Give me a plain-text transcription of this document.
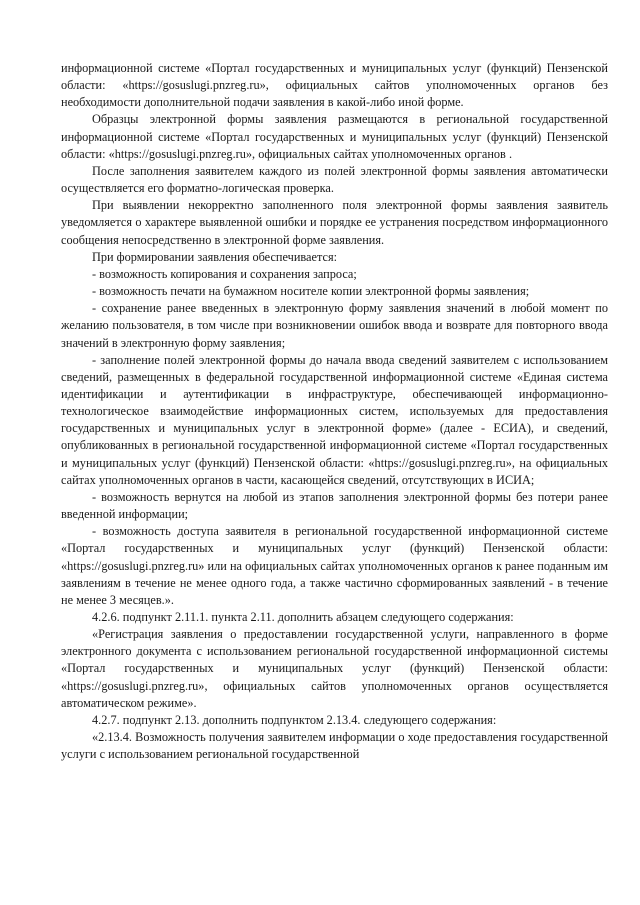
информационной системе «Портал государственных и муниципальных услуг (функций) Пензенской области: «https://gosuslugi.pnzreg.ru», официальных сайтов уполномоченных органов без необходимости дополнительной подачи заявления в какой-либо иной форме.

Образцы электронной формы заявления размещаются в региональной государственной информационной системе «Портал государственных и муниципальных услуг (функций) Пензенской области: «https://gosuslugi.pnzreg.ru», официальных сайтах уполномоченных органов .

После заполнения заявителем каждого из полей электронной формы заявления автоматически осуществляется его форматно-логическая проверка.

При выявлении некорректно заполненного поля электронной формы заявления заявитель уведомляется о характере выявленной ошибки и порядке ее устранения посредством информационного сообщения непосредственно в электронной форме заявления.

При формировании заявления обеспечивается:

- возможность копирования и сохранения запроса;

- возможность печати на бумажном носителе копии электронной формы заявления;

- сохранение ранее введенных в электронную форму заявления значений в любой момент по желанию пользователя, в том числе при возникновении ошибок ввода и возврате для повторного ввода значений в электронную форму заявления;

- заполнение полей электронной формы до начала ввода сведений заявителем с использованием сведений, размещенных в федеральной государственной информационной системе «Единая система идентификации и аутентификации в инфраструктуре, обеспечивающей информационно-технологическое взаимодействие информационных систем, используемых для предоставления государственных и муниципальных услуг в электронной форме» (далее - ЕСИА), и сведений, опубликованных в региональной государственной информационной системе «Портал государственных и муниципальных услуг (функций) Пензенской области: «https://gosuslugi.pnzreg.ru», на официальных сайтах уполномоченных органов в части, касающейся сведений, отсутствующих в ИСИА;

- возможность вернутся на любой из этапов заполнения электронной формы без потери ранее введенной информации;

- возможность доступа заявителя в региональной государственной информационной системе «Портал государственных и муниципальных услуг (функций) Пензенской области: «https://gosuslugi.pnzreg.ru» или на официальных сайтах уполномоченных органов к ранее поданным им заявлениям в течение не менее одного года, а также частично сформированных заявлений - в течение не менее 3 месяцев.».

4.2.6. подпункт 2.11.1. пункта 2.11. дополнить абзацем следующего содержания:

«Регистрация заявления о предоставлении государственной услуги, направленного в форме электронного документа с использованием региональной государственной информационной системы «Портал государственных и муниципальных услуг (функций) Пензенской области: «https://gosuslugi.pnzreg.ru», официальных сайтов уполномоченных органов осуществляется автоматическом режиме».

4.2.7. подпункт 2.13. дополнить подпунктом 2.13.4. следующего содержания:

«2.13.4. Возможность получения заявителем информации о ходе предоставления государственной услуги с использованием региональной государственной
